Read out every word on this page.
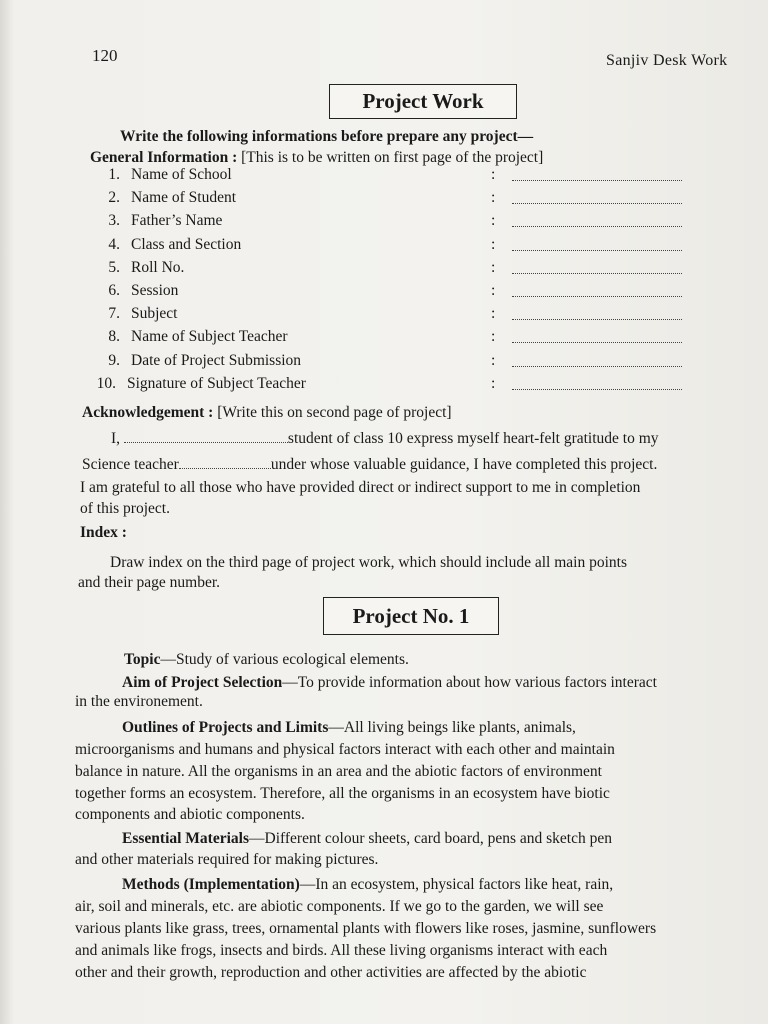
120	Sanjiv Desk Work
Project Work
Write the following informations before prepare any project—
General Information : [This is to be written on first page of the project]
1. Name of School	:
2. Name of Student	:
3. Father’s Name	:
4. Class and Section	:
5. Roll No.	:
6. Session	:
7. Subject	:
8. Name of Subject Teacher	:
9. Date of Project Submission	:
10. Signature of Subject Teacher	:
Acknowledgement : [Write this on second page of project]
I,	student of class 10 express myself heart-felt gratitude to my
Science teacher	under whose valuable guidance, I have completed this project.
I am grateful to all those who have provided direct or indirect support to me in completion
of this project.
Index :
Draw index on the third page of project work, which should include all main points
and their page number.
Project No. 1
Topic—Study of various ecological elements.
Aim of Project Selection—To provide information about how various factors interact
in the environement.
Outlines of Projects and Limits—All living beings like plants, animals,
microorganisms and humans and physical factors interact with each other and maintain
balance in nature. All the organisms in an area and the abiotic factors of environment
together forms an ecosystem. Therefore, all the organisms in an ecosystem have biotic
components and abiotic components.
Essential Materials—Different colour sheets, card board, pens and sketch pen
and other materials required for making pictures.
Methods (Implementation)—In an ecosystem, physical factors like heat, rain,
air, soil and minerals, etc. are abiotic components. If we go to the garden, we will see
various plants like grass, trees, ornamental plants with flowers like roses, jasmine, sunflowers
and animals like frogs, insects and birds. All these living organisms interact with each
other and their growth, reproduction and other activities are affected by the abiotic
